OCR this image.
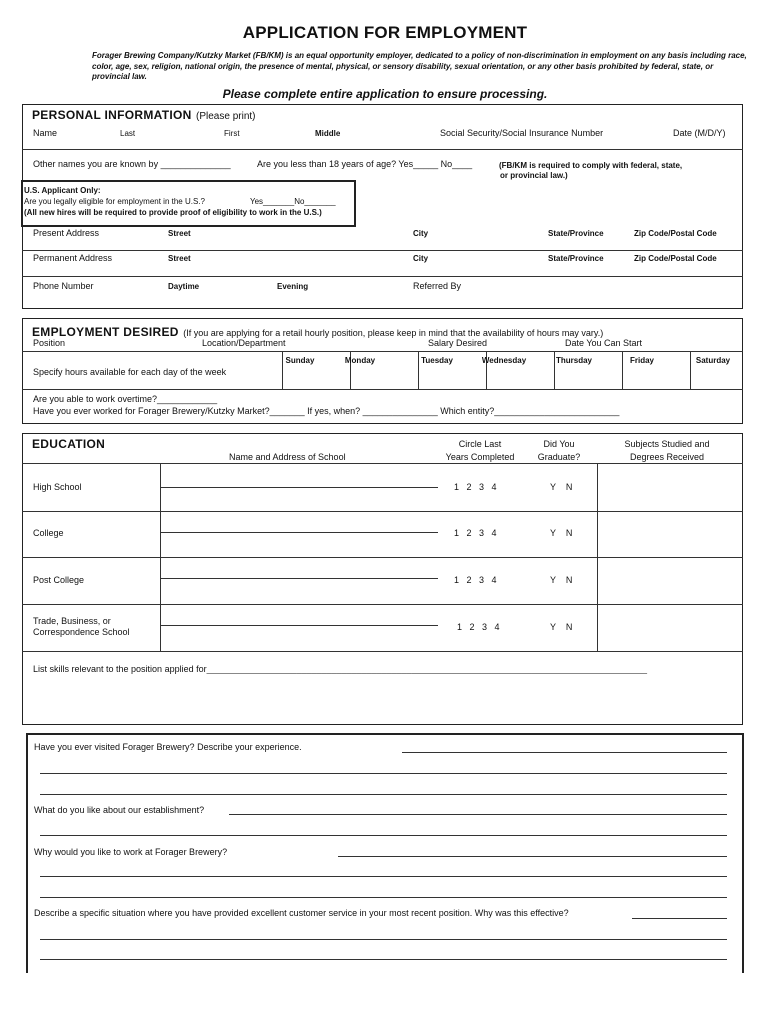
APPLICATION FOR EMPLOYMENT
Forager Brewing Company/Kutzky Market (FB/KM) is an equal opportunity employer, dedicated to a policy of non-discrimination in employment on any basis including race, color, age, sex, religion, national origin, the presence of mental, physical, or sensory disability, sexual orientation, or any other basis prohibited by federal, state, or provincial law.
Please complete entire application to ensure processing.
PERSONAL INFORMATION (Please print)
Name	Last	First	Middle	Social Security/Social Insurance Number	Date (M/D/Y)
Other names you are known by ______________	Are you less than 18 years of age? Yes_____ No____	(FB/KM is required to comply with federal, state,
or provincial law.)
U.S. Applicant Only:
Are you legally eligible for employment in the U.S.?	Yes_______No_______
(All new hires will be required to provide proof of eligibility to work in the U.S.)
Present Address	Street	City	State/Province	Zip Code/Postal Code
Permanent Address	Street	City	State/Province	Zip Code/Postal Code
Phone Number	Daytime	Evening	Referred By
EMPLOYMENT DESIRED (If you are applying for a retail hourly position, please keep in mind that the availability of hours may vary.)
Position	Location/Department	Salary Desired	Date You Can Start
Specify hours available for each day of the week
Sunday	Monday	Tuesday	Wednesday	Thursday	Friday	Saturday
Are you able to work overtime?____________
Have you ever worked for Forager Brewery/Kutzky Market?_______ If yes, when? _______________ Which entity?_________________________
EDUCATION
Name and Address of School
Circle Last
Years Completed
Did You
Graduate?
Subjects Studied and
Degrees Received
High School	1   2   3   4	Y    N
College	1   2   3   4	Y    N
Post College	1   2   3   4	Y    N
Trade, Business, or
Correspondence School	1   2   3   4	Y    N
List skills relevant to the position applied for________________________________________________________________________________________
Have you ever visited Forager Brewery? Describe your experience.
What do you like about our establishment?
Why would you like to work at Forager Brewery?
Describe a specific situation where you have provided excellent customer service in your most recent position. Why was this effective?
